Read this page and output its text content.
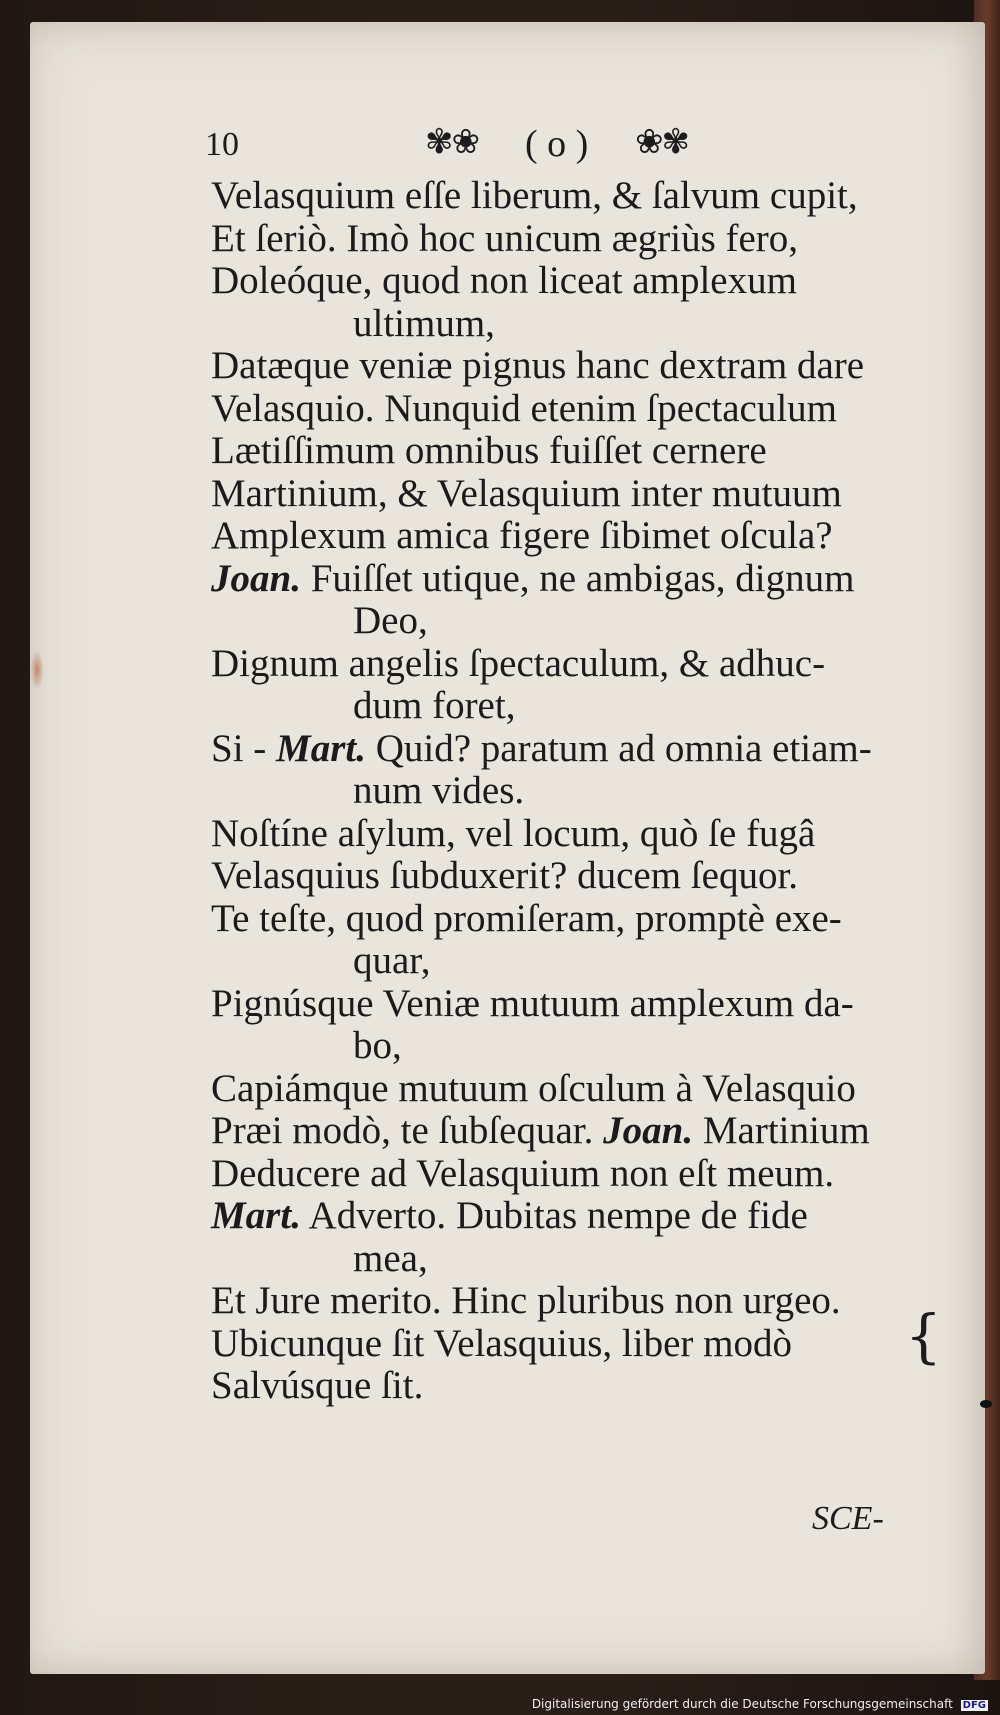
10	✾❀ ( o ) ❀✾
Velasquium eſſe liberum, & ſalvum cupit,
Et ſeriò. Imò hoc unicum ægriùs fero,
Doleóque, quod non liceat amplexum
ultimum,
Datæque veniæ pignus hanc dextram dare
Velasquio. Nunquid etenim ſpectaculum
Lætiſſimum omnibus fuiſſet cernere
Martinium, & Velasquium inter mutuum
Amplexum amica figere ſibimet oſcula?
Joan. Fuiſſet utique, ne ambigas, dignum
Deo,
Dignum angelis ſpectaculum, & adhuc-
dum foret,
Si - Mart. Quid? paratum ad omnia etiam-
num vides.
Noſtíne aſylum, vel locum, quò ſe fugâ
Velasquius ſubduxerit? ducem ſequor.
Te teſte, quod promiſeram, promptè exe-
quar,
Pignúsque Veniæ mutuum amplexum da-
bo,
Capiámque mutuum oſculum à Velasquio
Præi modò, te ſubſequar. Joan. Martinium
Deducere ad Velasquium non eſt meum.
Mart. Adverto. Dubitas nempe de fide
mea,
Et Jure merito. Hinc pluribus non urgeo.
Ubicunque ſit Velasquius, liber modò
Salvúsque ſit.
{
SCE-
Digitalisierung gefördert durch die Deutsche Forschungsgemeinschaft DFG
